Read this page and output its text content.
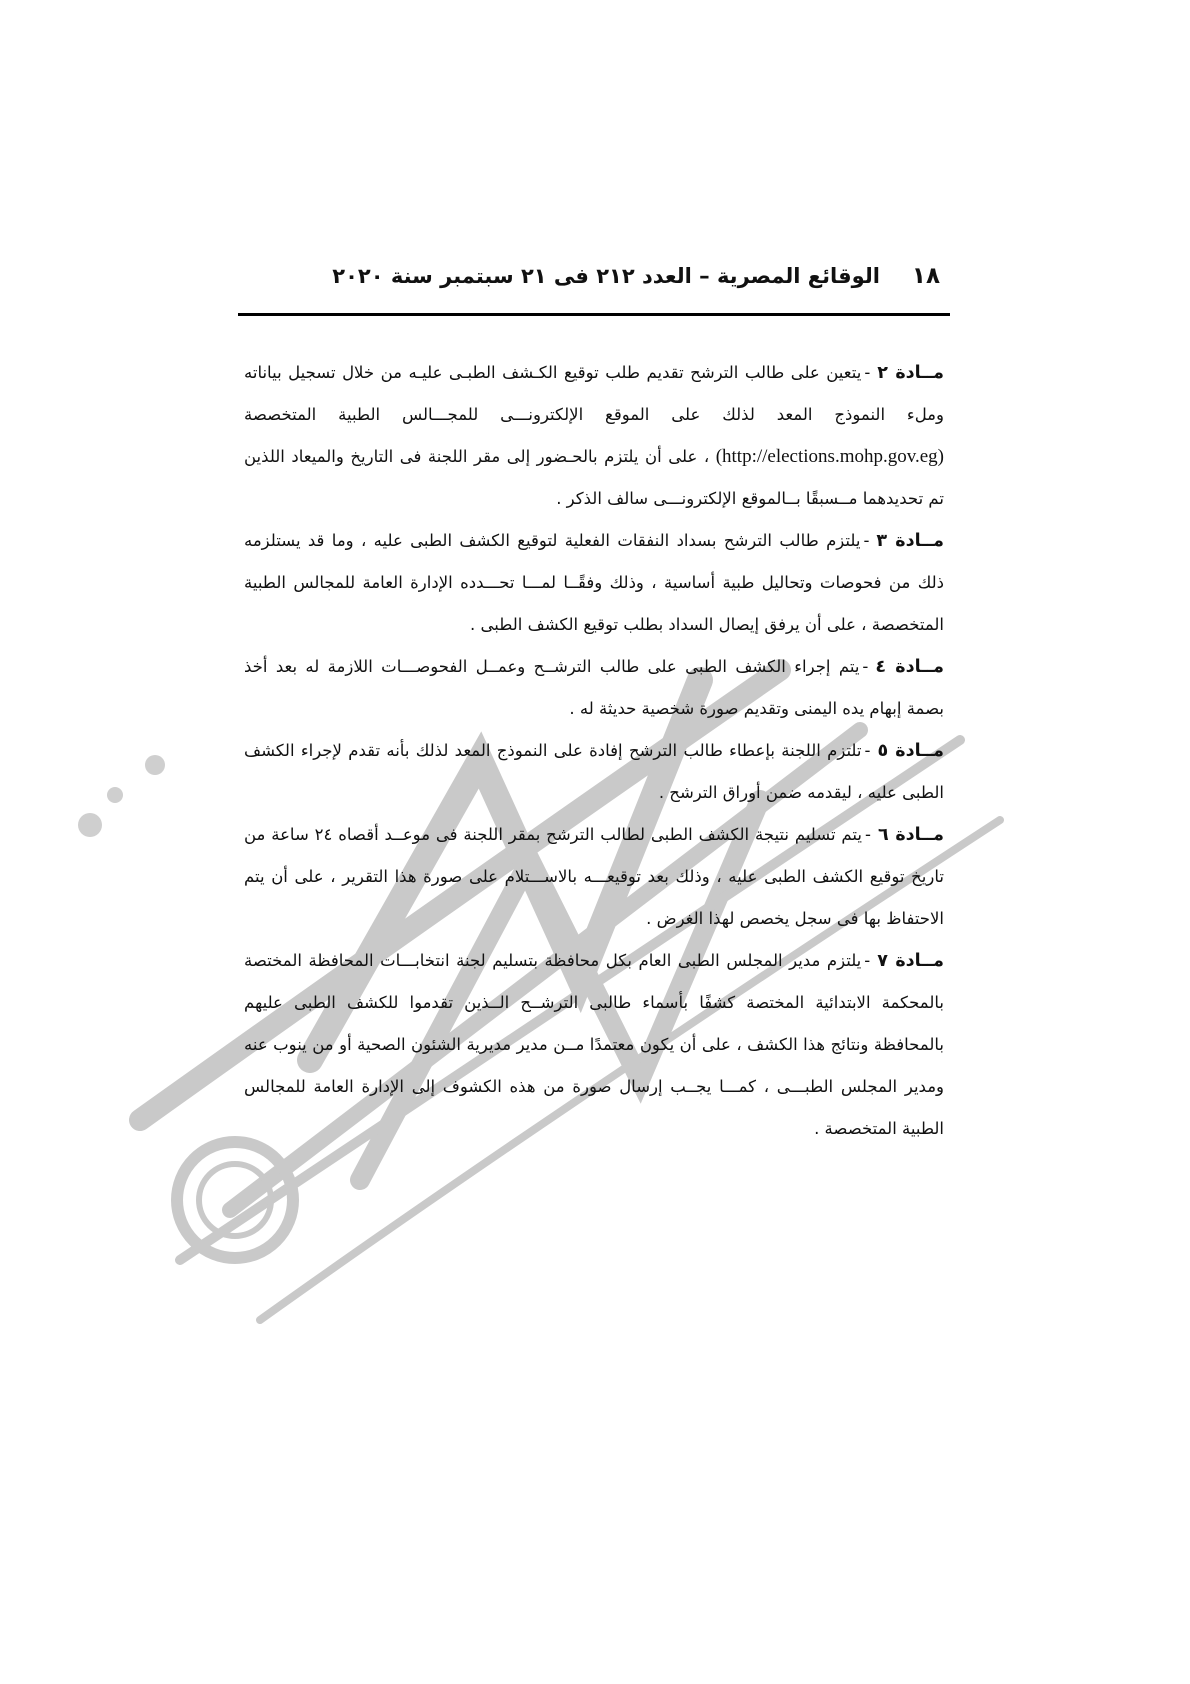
١٨
الوقائع المصرية – العدد ٢١٢ فى ٢١ سبتمبر سنة ٢٠٢٠

مــادة ٢-يتعين على طالب الترشح تقديم طلب توقيع الكـشف الطبـى عليـه من خلال تسجيل بياناته وملء النموذج المعد لذلك على الموقع الإلكترونـــى للمجـــالس الطبية المتخصصة (http://elections.mohp.gov.eg) ، على أن يلتزم بالحـضور إلى مقر اللجنة فى التاريخ والميعاد اللذين تم تحديدهما مــسبقًا بــالموقع الإلكترونـــى سالف الذكر .

مــادة ٣-يلتزم طالب الترشح بسداد النفقات الفعلية لتوقيع الكشف الطبى عليه ، وما قد يستلزمه ذلك من فحوصات وتحاليل طبية أساسية ، وذلك وفقًــا لمـــا تحـــدده الإدارة العامة للمجالس الطبية المتخصصة ، على أن يرفق إيصال السداد بطلب توقيع الكشف الطبى .

مــادة ٤-يتم إجراء الكشف الطبى على طالب الترشــح وعمــل الفحوصـــات اللازمة له بعد أخذ بصمة إبهام يده اليمنى وتقديم صورة شخصية حديثة له .

مــادة ٥-تلتزم اللجنة بإعطاء طالب الترشح إفادة على النموذج المعد لذلك بأنه تقدم لإجراء الكشف الطبى عليه ، ليقدمه ضمن أوراق الترشح .

مــادة ٦-يتم تسليم نتيجة الكشف الطبى لطالب الترشح بمقر اللجنة فى موعــد أقصاه ٢٤ ساعة من تاريخ توقيع الكشف الطبى عليه ، وذلك بعد توقيعـــه بالاســـتلام على صورة هذا التقرير ، على أن يتم الاحتفاظ بها فى سجل يخصص لهذا الغرض .

مــادة ٧-يلتزم مدير المجلس الطبى العام بكل محافظة بتسليم لجنة انتخابـــات المحافظة المختصة بالمحكمة الابتدائية المختصة كشفًا بأسماء طالبى الترشــح الــذين تقدموا للكشف الطبى عليهم بالمحافظة ونتائج هذا الكشف ، على أن يكون معتمدًا مــن مدير مديرية الشئون الصحية أو من ينوب عنه ومدير المجلس الطبـــى ، كمـــا يجــب إرسال صورة من هذه الكشوف إلى الإدارة العامة للمجالس الطبية المتخصصة .
